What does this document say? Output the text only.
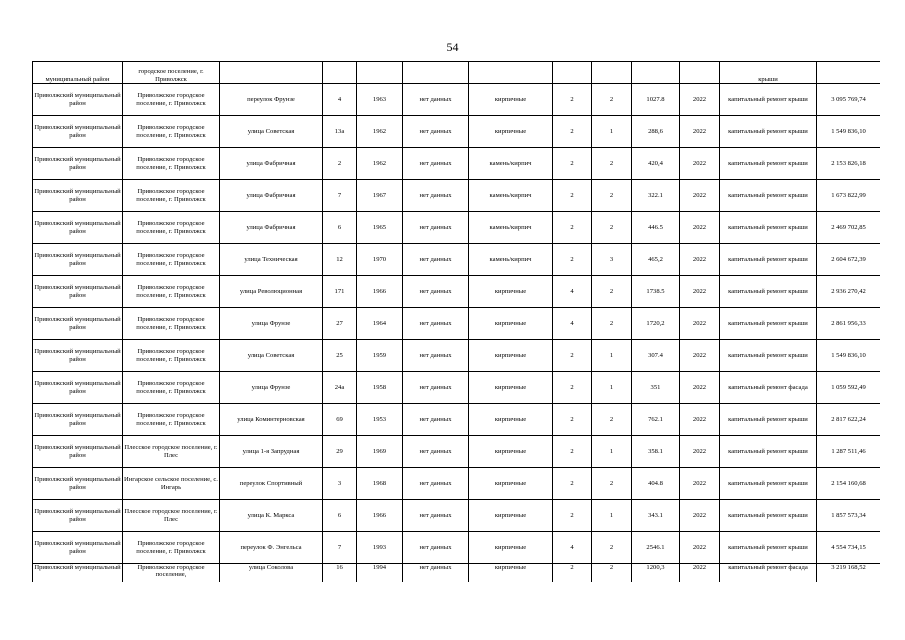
54
муниципальный район	городское поселение, г. Приволжск										крыши	
Приволжский муниципальный район	Приволжское городское поселение, г. Приволжск	переулок Фрунзе	4	1963	нет данных	кирпичные	2	2	1027.8	2022	капитальный ремонт крыши	3 095 769,74
Приволжский муниципальный район	Приволжское городское поселение, г. Приволжск	улица Советская	13а	1962	нет данных	кирпичные	2	1	288,6	2022	капитальный ремонт крыши	1 549 836,10
Приволжский муниципальный район	Приволжское городское поселение, г. Приволжск	улица Фабричная	2	1962	нет данных	камень/кирпич	2	2	420,4	2022	капитальный ремонт крыши	2 153 826,18
Приволжский муниципальный район	Приволжское городское поселение, г. Приволжск	улица Фабричная	7	1967	нет данных	камень/кирпич	2	2	322.1	2022	капитальный ремонт крыши	1 673 822,99
Приволжский муниципальный район	Приволжское городское поселение, г. Приволжск	улица Фабричная	6	1965	нет данных	камень/кирпич	2	2	446.5	2022	капитальный ремонт крыши	2 469 702,85
Приволжский муниципальный район	Приволжское городское поселение, г. Приволжск	улица Техническая	12	1970	нет данных	камень/кирпич	2	3	465,2	2022	капитальный ремонт крыши	2 604 672,39
Приволжский муниципальный район	Приволжское городское поселение, г. Приволжск	улица Революционная	171	1966	нет данных	кирпичные	4	2	1738.5	2022	капитальный ремонт крыши	2 936 270,42
Приволжский муниципальный район	Приволжское городское поселение, г. Приволжск	улица Фрунзе	27	1964	нет данных	кирпичные	4	2	1720,2	2022	капитальный ремонт крыши	2 861 956,33
Приволжский муниципальный район	Приволжское городское поселение, г. Приволжск	улица Советская	25	1959	нет данных	кирпичные	2	1	307.4	2022	капитальный ремонт крыши	1 549 836,10
Приволжский муниципальный район	Приволжское городское поселение, г. Приволжск	улица Фрунзе	24а	1958	нет данных	кирпичные	2	1	351	2022	капитальный ремонт фасада	1 059 592,49
Приволжский муниципальный район	Приволжское городское поселение, г. Приволжск	улица Коминтерновская	69	1953	нет данных	кирпичные	2	2	762.1	2022	капитальный ремонт крыши	2 817 622,24
Приволжский муниципальный район	Плесское городское поселение, г. Плес	улица 1-я Запрудная	29	1969	нет данных	кирпичные	2	1	358.1	2022	капитальный ремонт крыши	1 287 511,46
Приволжский муниципальный район	Ингарское сельское поселение, с. Ингарь	переулок Спортивный	3	1968	нет данных	кирпичные	2	2	404.8	2022	капитальный ремонт крыши	2 154 160,68
Приволжский муниципальный район	Плесское городское поселение, г. Плес	улица К. Маркса	6	1966	нет данных	кирпичные	2	1	343.1	2022	капитальный ремонт крыши	1 857 573,34
Приволжский муниципальный район	Приволжское городское поселение, г. Приволжск	переулок Ф. Энгельса	7	1993	нет данных	кирпичные	4	2	2546.1	2022	капитальный ремонт крыши	4 554 734,15
Приволжский муниципальный	Приволжское городское поселение,	улица Соколова	16	1994	нет данных	кирпичные	2	2	1200,3	2022	капитальный ремонт фасада	3 219 168,52
